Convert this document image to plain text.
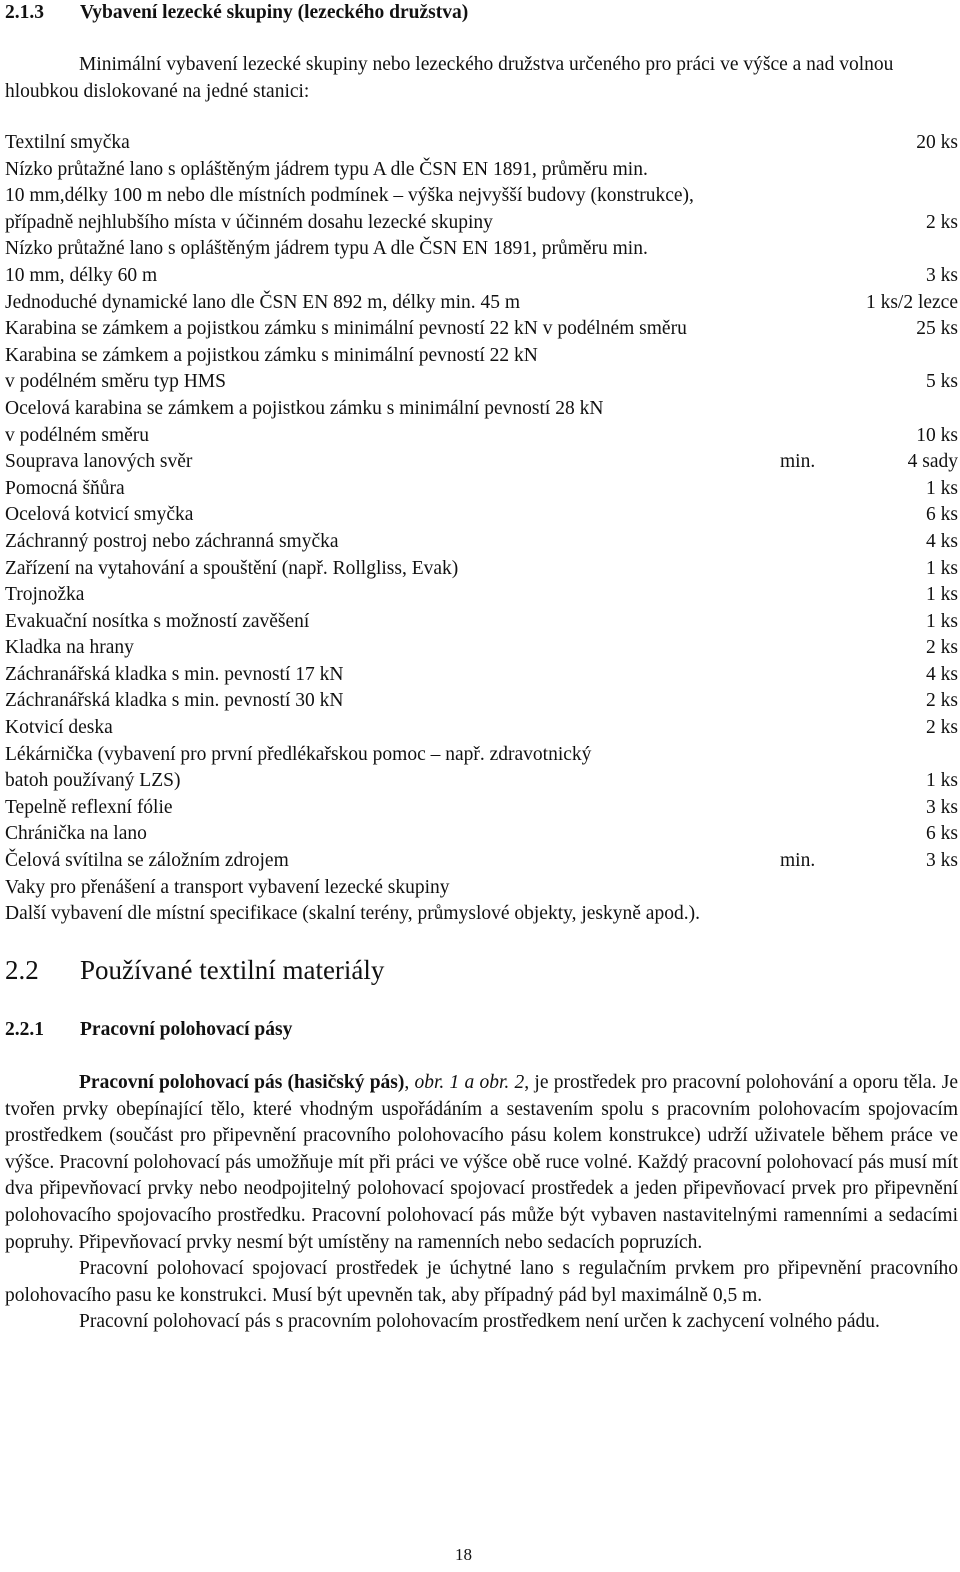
2.1.3 Vybavení lezecké skupiny (lezeckého družstva)
Minimální vybavení lezecké skupiny nebo lezeckého družstva určeného pro práci ve výšce a nad volnou hloubkou dislokované na jedné stanici:
Textilní smyčka	20 ks
Nízko průtažné lano s opláštěným jádrem typu A dle ČSN EN 1891, průměru min.
10 mm,délky 100 m nebo dle místních podmínek – výška nejvyšší budovy (konstrukce),
případně nejhlubšího místa v účinném dosahu lezecké skupiny	2 ks
Nízko průtažné lano s opláštěným jádrem typu A dle ČSN EN 1891, průměru min.
10 mm, délky 60 m	3 ks
Jednoduché dynamické lano dle ČSN EN 892 m, délky min. 45 m	1 ks/2 lezce
Karabina se zámkem a pojistkou zámku s minimální pevností 22 kN v podélném směru	25 ks
Karabina se zámkem a pojistkou zámku s minimální pevností 22 kN
v podélném směru typ HMS	5 ks
Ocelová karabina se zámkem a pojistkou zámku s minimální pevností 28 kN
v podélném směru	10 ks
Souprava lanových svěr	min.	4 sady
Pomocná šňůra	1 ks
Ocelová kotvicí smyčka	6 ks
Záchranný postroj nebo záchranná smyčka	4 ks
Zařízení na vytahování a spouštění (např. Rollgliss, Evak)	1 ks
Trojnožka	1 ks
Evakuační nosítka s možností zavěšení	1 ks
Kladka na hrany	2 ks
Záchranářská kladka s min. pevností 17 kN	4 ks
Záchranářská kladka s min. pevností 30 kN	2 ks
Kotvicí deska	2 ks
Lékárnička (vybavení pro první předlékařskou pomoc – např. zdravotnický
batoh používaný LZS)	1 ks
Tepelně reflexní fólie	3 ks
Chránička na lano	6 ks
Čelová svítilna se záložním zdrojem	min.	3 ks
Vaky pro přenášení a transport vybavení lezecké skupiny
Další vybavení dle místní specifikace (skalní terény, průmyslové objekty, jeskyně apod.).
2.2 Používané textilní materiály
2.2.1 Pracovní polohovací pásy

Pracovní polohovací pás (hasičský pás), obr. 1 a obr. 2, je prostředek pro pracovní polohování a oporu těla. Je tvořen prvky obepínající tělo, které vhodným uspořádáním a sestavením spolu s pracovním polohovacím spojovacím prostředkem (součást pro připevnění pracovního polohovacího pásu kolem konstrukce) udrží uživatele během práce ve výšce. Pracovní polohovací pás umožňuje mít při práci ve výšce obě ruce volné. Každý pracovní polohovací pás musí mít dva připevňovací prvky nebo neodpojitelný polohovací spojovací prostředek a jeden připevňovací prvek pro připevnění polohovacího spojovacího prostředku. Pracovní polohovací pás může být vybaven nastavitelnými ramenními a sedacími popruhy. Připevňovací prvky nesmí být umístěny na ramenních nebo sedacích popruzích.

Pracovní polohovací spojovací prostředek je úchytné lano s regulačním prvkem pro připevnění pracovního polohovacího pasu ke konstrukci. Musí být upevněn tak, aby případný pád byl maximálně 0,5 m.

Pracovní polohovací pás s pracovním polohovacím prostředkem není určen k zachycení volného pádu.

18
